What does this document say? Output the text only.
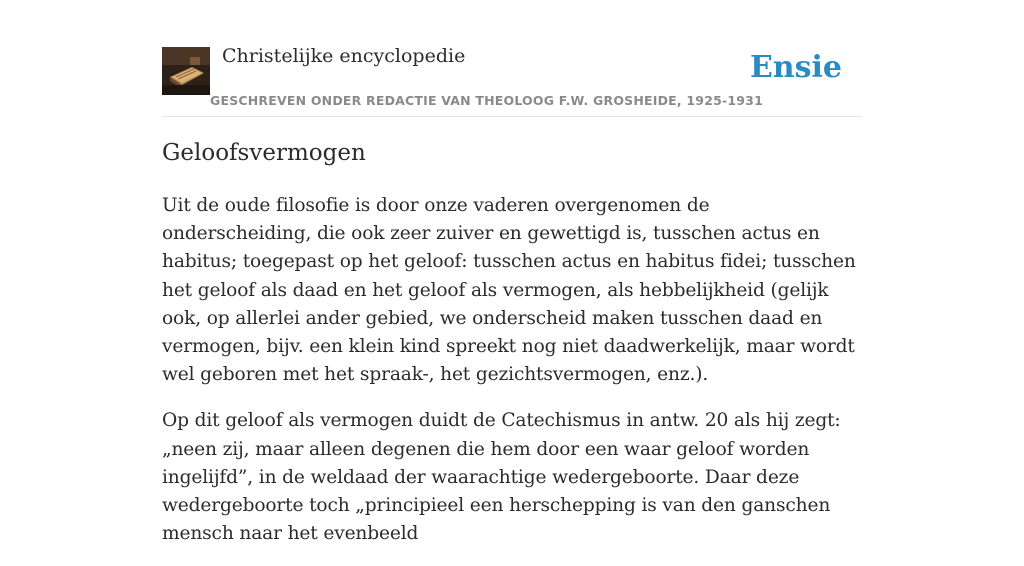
Christelijke encyclopedie
GESCHREVEN ONDER REDACTIE VAN THEOLOOG F.W. GROSHEIDE, 1925-1931
Ensie
Geloofsvermogen

Uit de oude filosofie is door onze vaderen overgenomen de onderscheiding, die ook zeer zuiver en gewettigd is, tusschen actus en habitus; toegepast op het geloof: tusschen actus en habitus fidei; tusschen het geloof als daad en het geloof als vermogen, als hebbelijkheid (gelijk ook, op allerlei ander gebied, we onderscheid maken tusschen daad en vermogen, bijv. een klein kind spreekt nog niet daadwerkelijk, maar wordt wel geboren met het spraak-, het gezichtsvermogen, enz.).

Op dit geloof als vermogen duidt de Catechismus in antw. 20 als hij zegt: „neen zij, maar alleen degenen die hem door een waar geloof worden ingelijfd”, in de weldaad der waarachtige wedergeboorte. Daar deze wedergeboorte toch „principieel een herschepping is van den ganschen mensch naar het evenbeeld
